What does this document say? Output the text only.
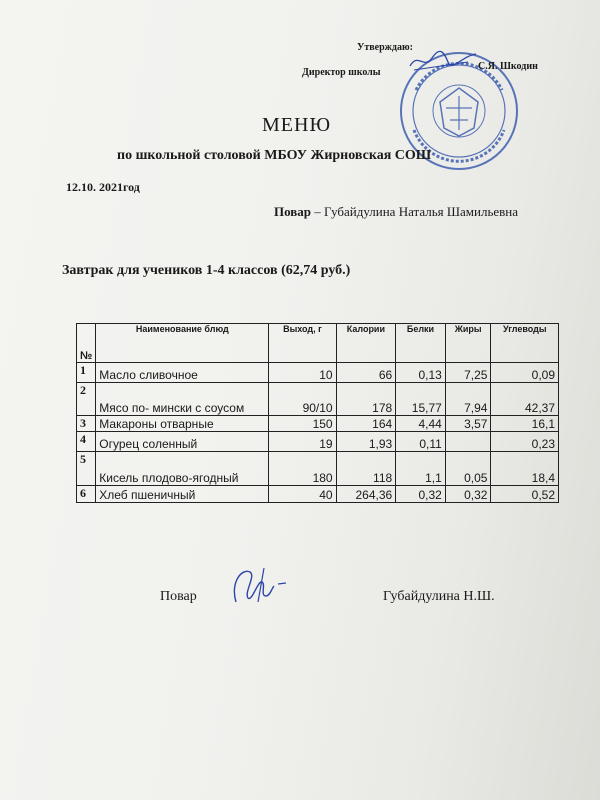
Утверждаю:
Директор школы
С.Я. Шкодин
МЕНЮ
по школьной столовой МБОУ Жирновская СОШ
12.10. 2021год
Повар – Губайдулина Наталья Шамильевна
Завтрак для учеников 1-4 классов (62,74 руб.)
№	Наименование блюд	Выход, г	Калории	Белки	Жиры	Углеводы
1	Масло сливочное	10	66	0,13	7,25	0,09
2	Мясо по- мински с соусом	90/10	178	15,77	7,94	42,37
3	Макароны отварные	150	164	4,44	3,57	16,1
4	Огурец соленный	19	1,93	0,11		0,23
5	Кисель плодово-ягодный	180	118	1,1	0,05	18,4
6	Хлеб пшеничный	40	264,36	0,32	0,32	0,52
Повар	Губайдулина Н.Ш.
